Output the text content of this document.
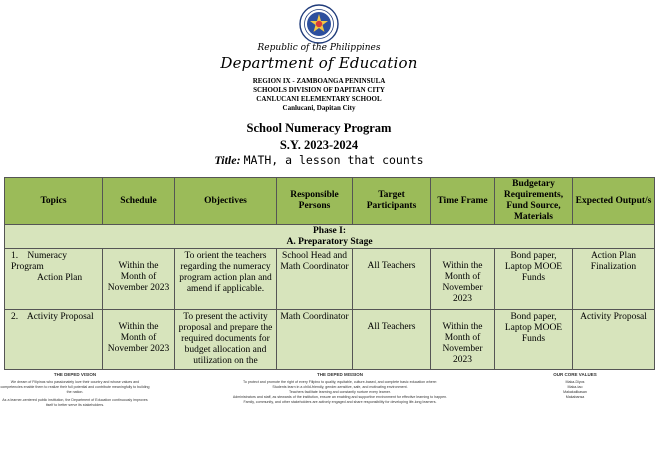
Republic of the Philippines
Department of Education
REGION IX - ZAMBOANGA PENINSULA
SCHOOLS DIVISION OF DAPITAN CITY
CANLUCANI ELEMENTARY SCHOOL
Canlucani, Dapitan City
School Numeracy Program
S.Y. 2023-2024
Title: MATH, a lesson that counts
Topics	Schedule	Objectives	Responsible Persons	Target Participants	Time Frame	Budgetary Requirements, Fund Source, Materials	Expected Output/s

Phase I:
A. Preparatory Stage							

1. Numeracy Program
Action Plan	Within the Month of November 2023	To orient the teachers regarding the numeracy program action plan and amend if applicable.	School Head and Math Coordinator	All Teachers	Within the Month of November 2023	Bond paper, Laptop MOOE Funds	Action Plan Finalization
2. Activity Proposal	Within the Month of November 2023	To present the activity proposal and prepare the required documents for budget allocation and utilization on the	Math Coordinator	All Teachers	Within the Month of November 2023	Bond paper, Laptop MOOE Funds	Activity Proposal
THE DEPED VISION

We dream of Filipinos who passionately love their country and whose values and competencies enable them to realize their full potential and contribute meaningfully to building the nation.

As a learner-centered public institution, the Department of Education continuously improves itself to better serve its stakeholders.

THE DEPED MISSION

To protect and promote the right of every Filipino to quality, equitable, culture-based, and complete basic education where:

Students learn in a child-friendly, gender-sensitive, safe, and motivating environment.

Teachers facilitate learning and constantly nurture every learner.

Administrators and staff, as stewards of the institution, ensure an enabling and supportive environment for effective learning to happen.

Family, community, and other stakeholders are actively engaged and share responsibility for developing life-long learners.

OUR CORE VALUES

Maka-Diyos

Maka-tao

Makakalikasan

Makabansa
